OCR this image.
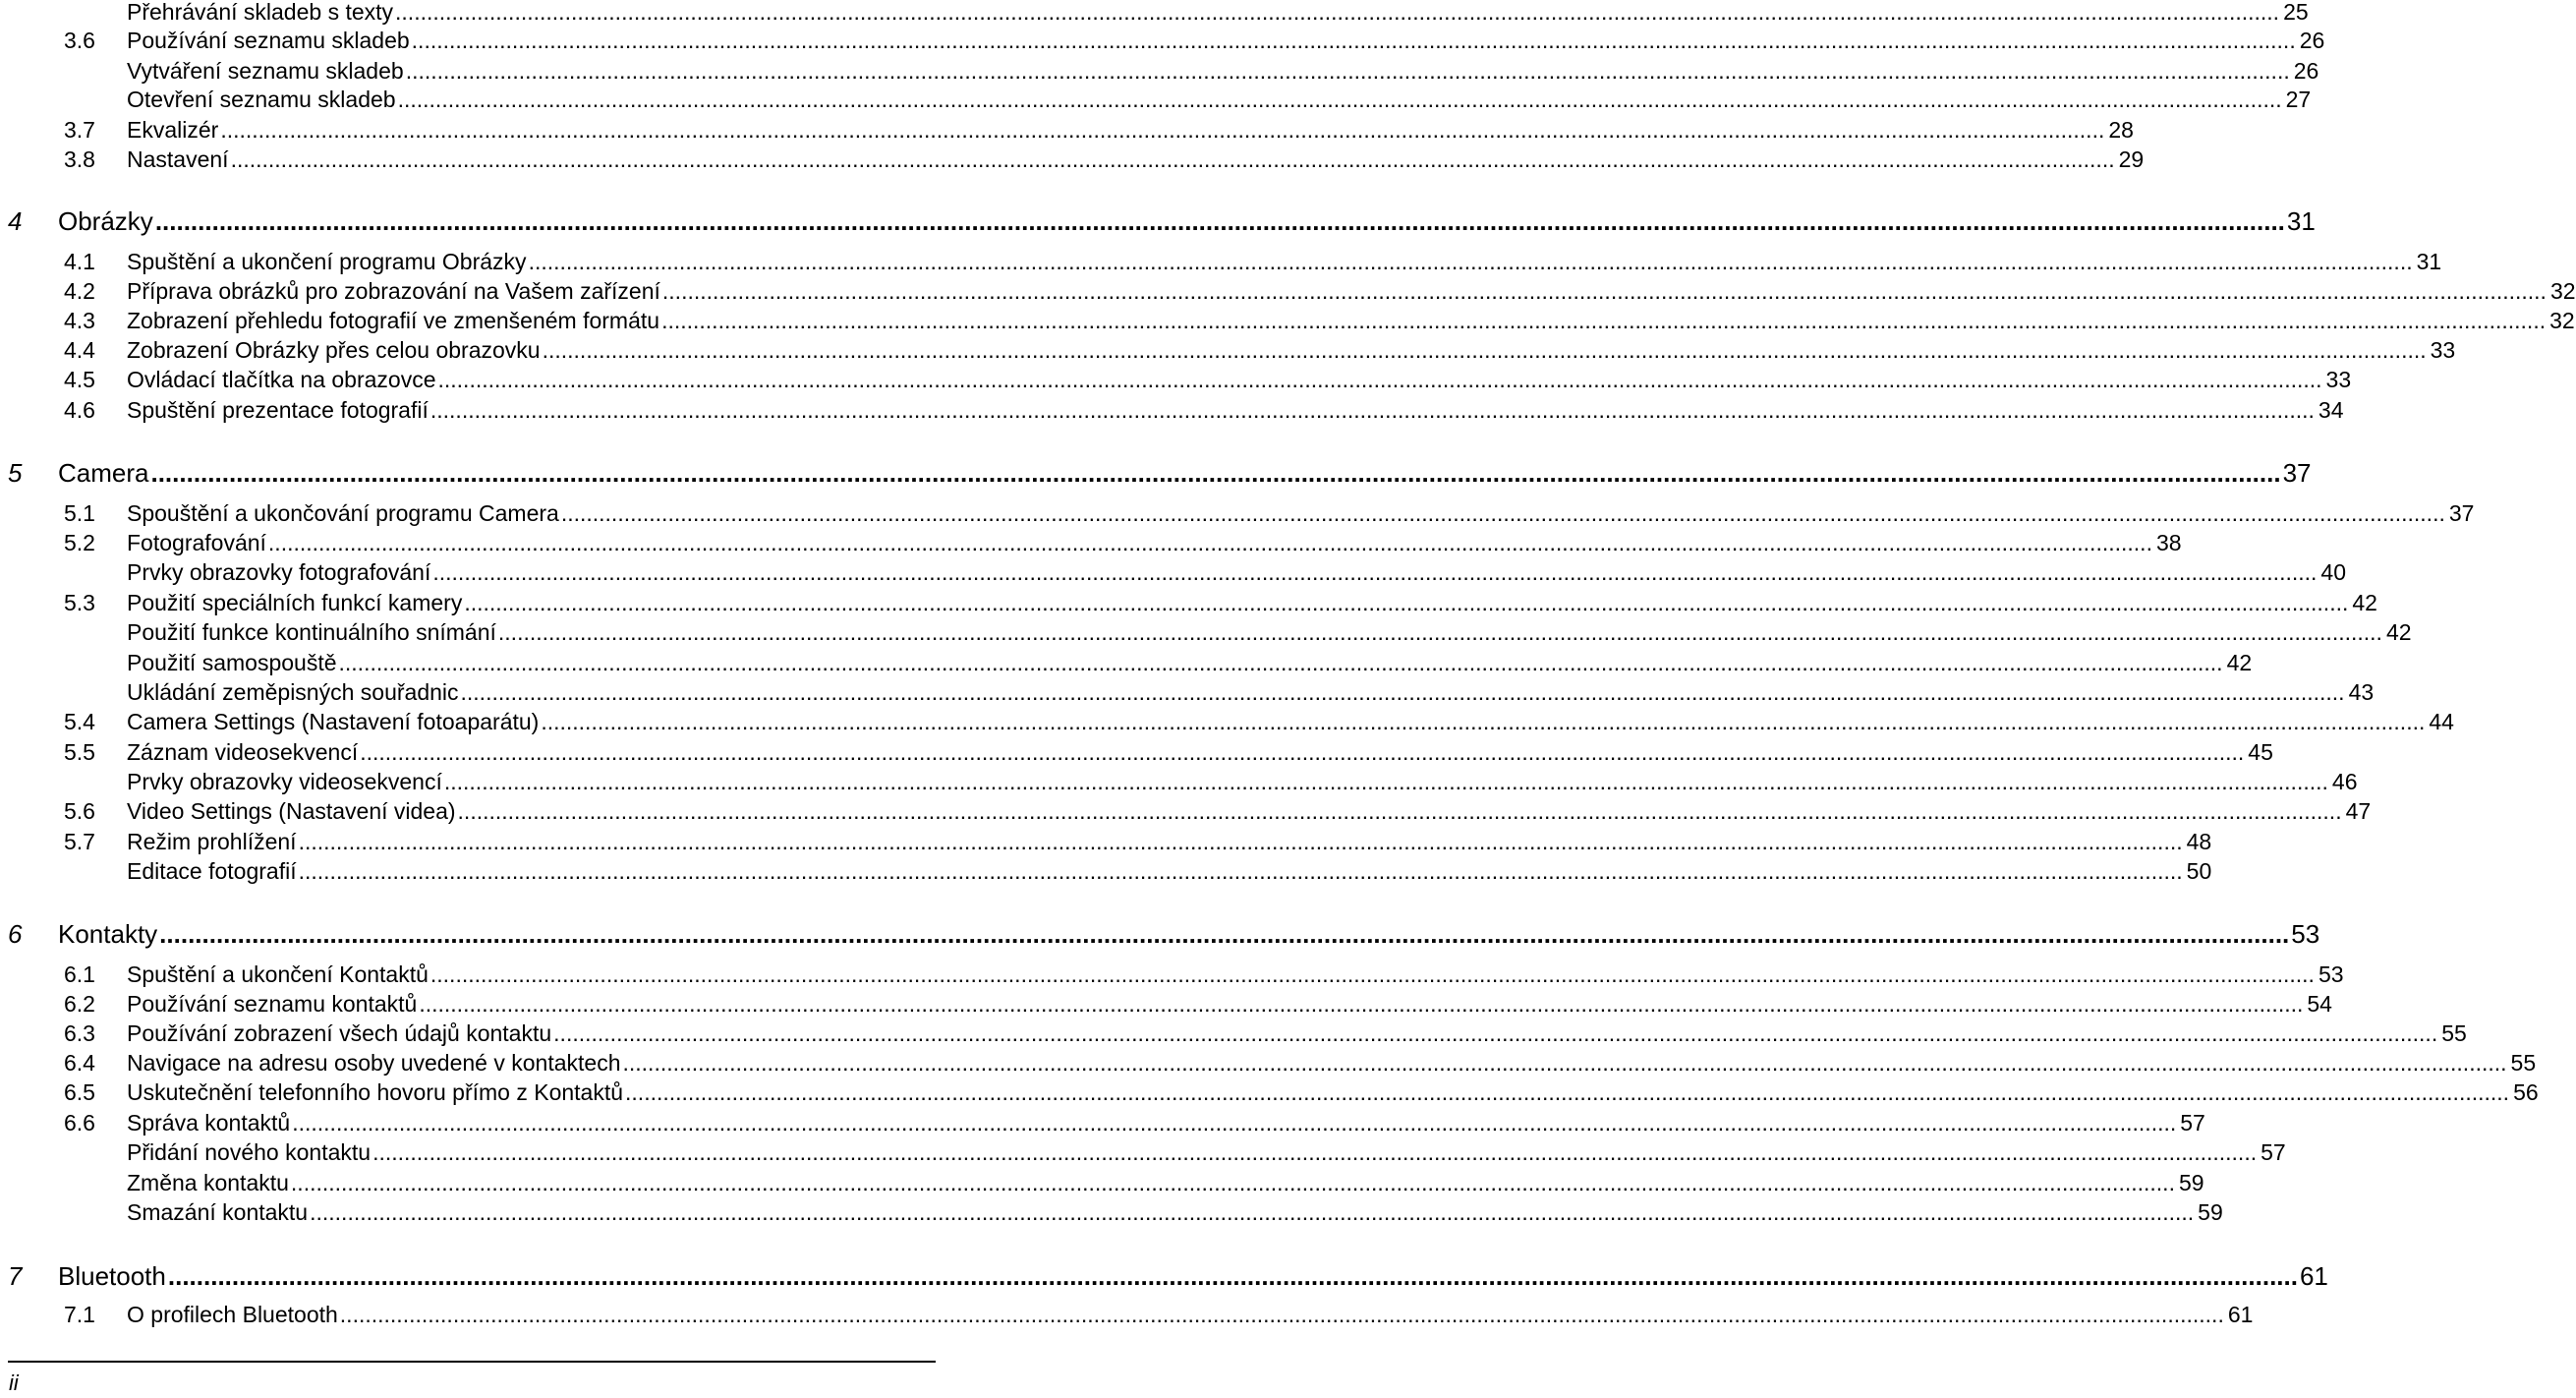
Přehrávání skladeb s texty ............................................................................................................................................................................................................................................................................................................ 25
3.6 Používání seznamu skladeb ............................................................................................................................................................................................................................................................................................................ 26
Vytváření seznamu skladeb ............................................................................................................................................................................................................................................................................................................ 26
Otevření seznamu skladeb ............................................................................................................................................................................................................................................................................................................ 27
3.7 Ekvalizér ............................................................................................................................................................................................................................................................................................................ 28
3.8 Nastavení ............................................................................................................................................................................................................................................................................................................ 29
4 Obrázky ............................................................................................................................................................................................................................................................................................................ 31
4.1 Spuštění a ukončení programu Obrázky ............................................................................................................................................................................................................................................................................................................ 31
4.2 Příprava obrázků pro zobrazování na Vašem zařízení ............................................................................................................................................................................................................................................................................................................ 32
4.3 Zobrazení přehledu fotografií ve zmenšeném formátu ............................................................................................................................................................................................................................................................................................................ 32
4.4 Zobrazení Obrázky přes celou obrazovku ............................................................................................................................................................................................................................................................................................................ 33
4.5 Ovládací tlačítka na obrazovce ............................................................................................................................................................................................................................................................................................................ 33
4.6 Spuštění prezentace fotografií ............................................................................................................................................................................................................................................................................................................ 34
5 Camera ............................................................................................................................................................................................................................................................................................................ 37
5.1 Spouštění a ukončování programu Camera ............................................................................................................................................................................................................................................................................................................ 37
5.2 Fotografování ............................................................................................................................................................................................................................................................................................................ 38
Prvky obrazovky fotografování ............................................................................................................................................................................................................................................................................................................ 40
5.3 Použití speciálních funkcí kamery ............................................................................................................................................................................................................................................................................................................ 42
Použití funkce kontinuálního snímání ............................................................................................................................................................................................................................................................................................................ 42
Použití samospouště ............................................................................................................................................................................................................................................................................................................ 42
Ukládání zeměpisných souřadnic ............................................................................................................................................................................................................................................................................................................ 43
5.4 Camera Settings (Nastavení fotoaparátu) ............................................................................................................................................................................................................................................................................................................ 44
5.5 Záznam videosekvencí ............................................................................................................................................................................................................................................................................................................ 45
Prvky obrazovky videosekvencí ............................................................................................................................................................................................................................................................................................................ 46
5.6 Video Settings (Nastavení videa) ............................................................................................................................................................................................................................................................................................................ 47
5.7 Režim prohlížení ............................................................................................................................................................................................................................................................................................................ 48
Editace fotografií ............................................................................................................................................................................................................................................................................................................ 50
6 Kontakty ............................................................................................................................................................................................................................................................................................................ 53
6.1 Spuštění a ukončení Kontaktů ............................................................................................................................................................................................................................................................................................................ 53
6.2 Používání seznamu kontaktů ............................................................................................................................................................................................................................................................................................................ 54
6.3 Používání zobrazení všech údajů kontaktu ............................................................................................................................................................................................................................................................................................................ 55
6.4 Navigace na adresu osoby uvedené v kontaktech ............................................................................................................................................................................................................................................................................................................ 55
6.5 Uskutečnění telefonního hovoru přímo z Kontaktů ............................................................................................................................................................................................................................................................................................................ 56
6.6 Správa kontaktů ............................................................................................................................................................................................................................................................................................................ 57
Přidání nového kontaktu ............................................................................................................................................................................................................................................................................................................ 57
Změna kontaktu ............................................................................................................................................................................................................................................................................................................ 59
Smazání kontaktu ............................................................................................................................................................................................................................................................................................................ 59
7 Bluetooth ............................................................................................................................................................................................................................................................................................................ 61
7.1 O profilech Bluetooth ............................................................................................................................................................................................................................................................................................................ 61
ii
